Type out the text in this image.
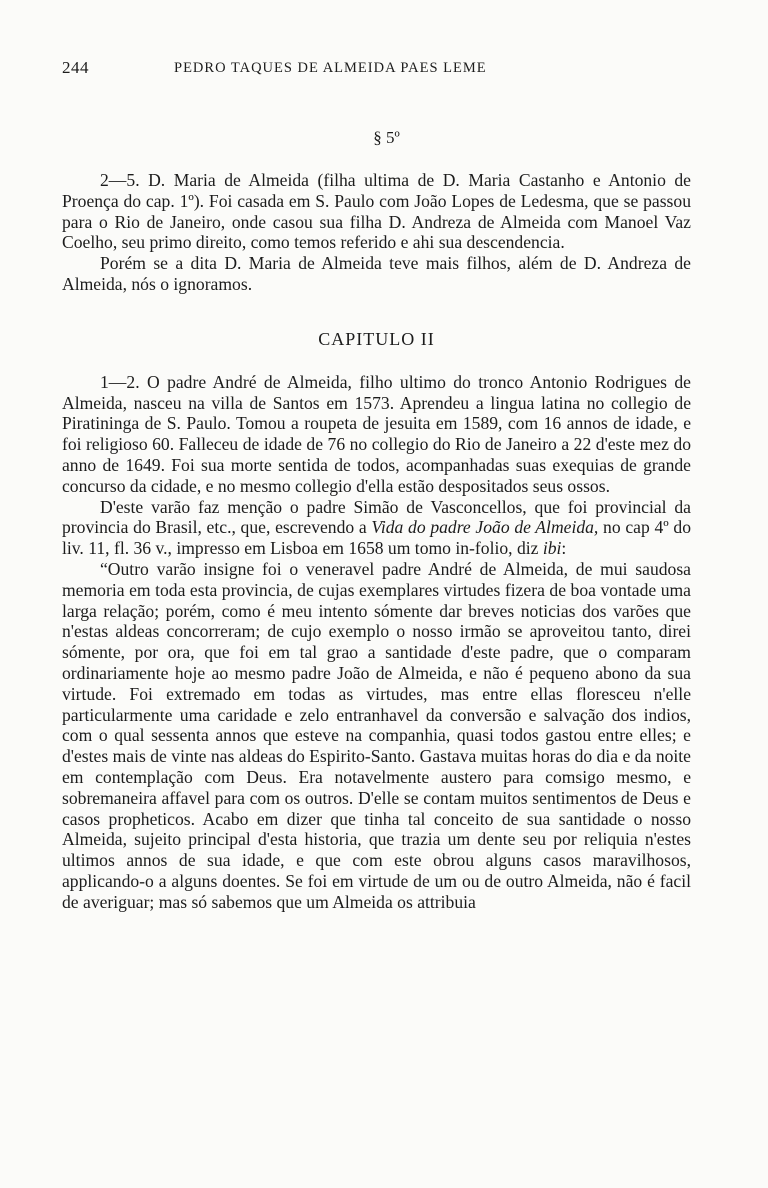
244	PEDRO TAQUES DE ALMEIDA PAES LEME
§ 5º

2—5. D. Maria de Almeida (filha ultima de D. Maria Castanho e Antonio de Proença do cap. 1º). Foi casada em S. Paulo com João Lopes de Ledesma, que se passou para o Rio de Janeiro, onde casou sua filha D. Andreza de Almeida com Manoel Vaz Coelho, seu primo direito, como temos referido e ahi sua descendencia.

Porém se a dita D. Maria de Almeida teve mais filhos, além de D. Andreza de Almeida, nós o ignoramos.

CAPITULO II

1—2. O padre André de Almeida, filho ultimo do tronco Antonio Rodrigues de Almeida, nasceu na villa de Santos em 1573. Aprendeu a lingua latina no collegio de Piratininga de S. Paulo. Tomou a roupeta de jesuita em 1589, com 16 annos de idade, e foi religioso 60. Falleceu de idade de 76 no collegio do Rio de Janeiro a 22 d'este mez do anno de 1649. Foi sua morte sentida de todos, acompanhadas suas exequias de grande concurso da cidade, e no mesmo collegio d'ella estão despositados seus ossos.

D'este varão faz menção o padre Simão de Vasconcellos, que foi provincial da provincia do Brasil, etc., que, escrevendo a Vida do padre João de Almeida, no cap 4º do liv. 11, fl. 36 v., impresso em Lisboa em 1658 um tomo in-folio, diz ibi:

“Outro varão insigne foi o veneravel padre André de Almeida, de mui saudosa memoria em toda esta provincia, de cujas exemplares virtudes fizera de boa vontade uma larga relação; porém, como é meu intento sómente dar breves noticias dos varões que n'estas aldeas concorreram; de cujo exemplo o nosso irmão se aproveitou tanto, direi sómente, por ora, que foi em tal grao a santidade d'este padre, que o comparam ordinariamente hoje ao mesmo padre João de Almeida, e não é pequeno abono da sua virtude. Foi extremado em todas as virtudes, mas entre ellas floresceu n'elle particularmente uma caridade e zelo entranhavel da conversão e salvação dos indios, com o qual sessenta annos que esteve na companhia, quasi todos gastou entre elles; e d'estes mais de vinte nas aldeas do Espirito-Santo. Gastava muitas horas do dia e da noite em contemplação com Deus. Era notavelmente austero para comsigo mesmo, e sobremaneira affavel para com os outros. D'elle se contam muitos sentimentos de Deus e casos propheticos. Acabo em dizer que tinha tal conceito de sua santidade o nosso Almeida, sujeito principal d'esta historia, que trazia um dente seu por reliquia n'estes ultimos annos de sua idade, e que com este obrou alguns casos maravilhosos, applicando-o a alguns doentes. Se foi em virtude de um ou de outro Almeida, não é facil de averiguar; mas só sabemos que um Almeida os attribuia
